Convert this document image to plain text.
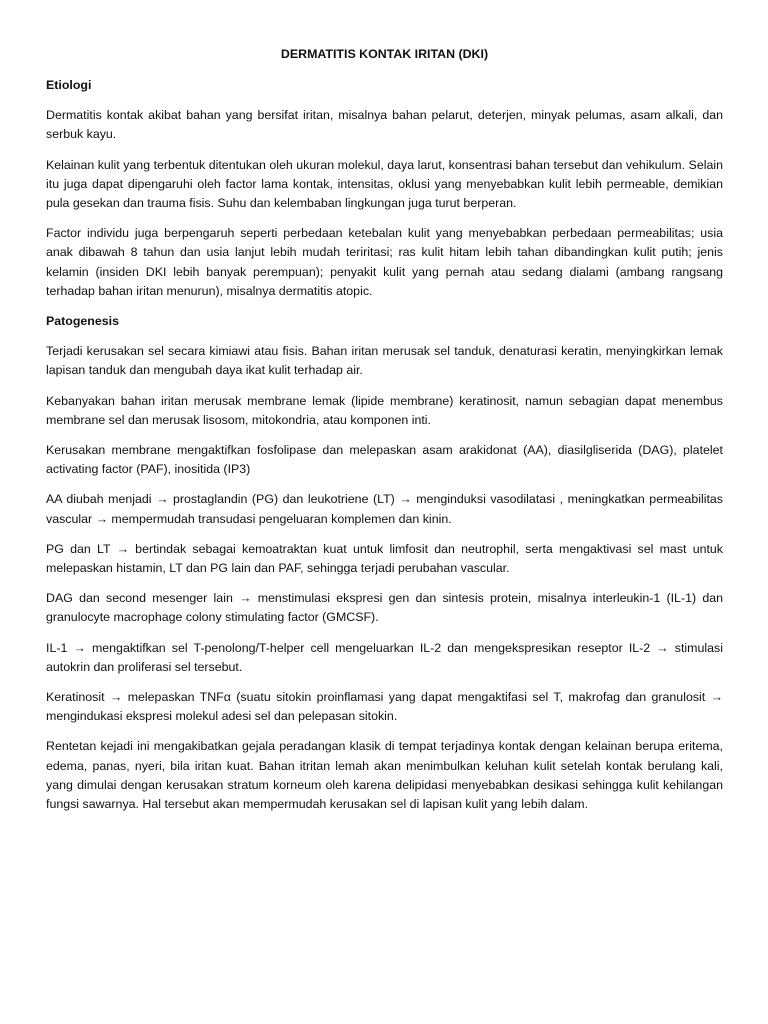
DERMATITIS KONTAK IRITAN (DKI)
Etiologi

Dermatitis kontak akibat bahan yang bersifat iritan, misalnya bahan pelarut, deterjen, minyak pelumas, asam alkali, dan serbuk kayu.

Kelainan kulit yang terbentuk ditentukan oleh ukuran molekul, daya larut, konsentrasi bahan tersebut dan vehikulum. Selain itu juga dapat dipengaruhi oleh factor lama kontak, intensitas, oklusi yang menyebabkan kulit lebih permeable, demikian pula gesekan dan trauma fisis. Suhu dan kelembaban lingkungan juga turut berperan.

Factor individu juga berpengaruh seperti perbedaan ketebalan kulit yang menyebabkan perbedaan permeabilitas; usia anak dibawah 8 tahun dan usia lanjut lebih mudah teriritasi; ras kulit hitam lebih tahan dibandingkan kulit putih; jenis kelamin (insiden DKI lebih banyak perempuan); penyakit kulit yang pernah atau sedang dialami (ambang rangsang terhadap bahan iritan menurun), misalnya dermatitis atopic.

Patogenesis

Terjadi kerusakan sel secara kimiawi atau fisis. Bahan iritan merusak sel tanduk, denaturasi keratin, menyingkirkan lemak lapisan tanduk dan mengubah daya ikat kulit terhadap air.

Kebanyakan bahan iritan merusak membrane lemak (lipide membrane) keratinosit, namun sebagian dapat menembus membrane sel dan merusak lisosom, mitokondria, atau komponen inti.

Kerusakan membrane mengaktifkan fosfolipase dan melepaskan asam arakidonat (AA), diasilgliserida (DAG), platelet activating factor (PAF), inositida (IP3)

AA diubah menjadi → prostaglandin (PG) dan leukotriene (LT) → menginduksi vasodilatasi , meningkatkan permeabilitas vascular → mempermudah transudasi pengeluaran komplemen dan kinin.

PG dan LT → bertindak sebagai kemoatraktan kuat untuk limfosit dan neutrophil, serta mengaktivasi sel mast untuk melepaskan histamin, LT dan PG lain dan PAF, sehingga terjadi perubahan vascular.

DAG dan second mesenger lain → menstimulasi ekspresi gen dan sintesis protein, misalnya interleukin-1 (IL-1) dan granulocyte macrophage colony stimulating factor (GMCSF).

IL-1 → mengaktifkan sel T-penolong/T-helper cell mengeluarkan IL-2 dan mengekspresikan reseptor IL-2 → stimulasi autokrin dan proliferasi sel tersebut.

Keratinosit → melepaskan TNFα (suatu sitokin proinflamasi yang dapat mengaktifasi sel T, makrofag dan granulosit → mengindukasi ekspresi molekul adesi sel dan pelepasan sitokin.

Rentetan kejadi ini mengakibatkan gejala peradangan klasik di tempat terjadinya kontak dengan kelainan berupa eritema, edema, panas, nyeri, bila iritan kuat. Bahan itritan lemah akan menimbulkan keluhan kulit setelah kontak berulang kali, yang dimulai dengan kerusakan stratum korneum oleh karena delipidasi menyebabkan desikasi sehingga kulit kehilangan fungsi sawarnya. Hal tersebut akan mempermudah kerusakan sel di lapisan kulit yang lebih dalam.
